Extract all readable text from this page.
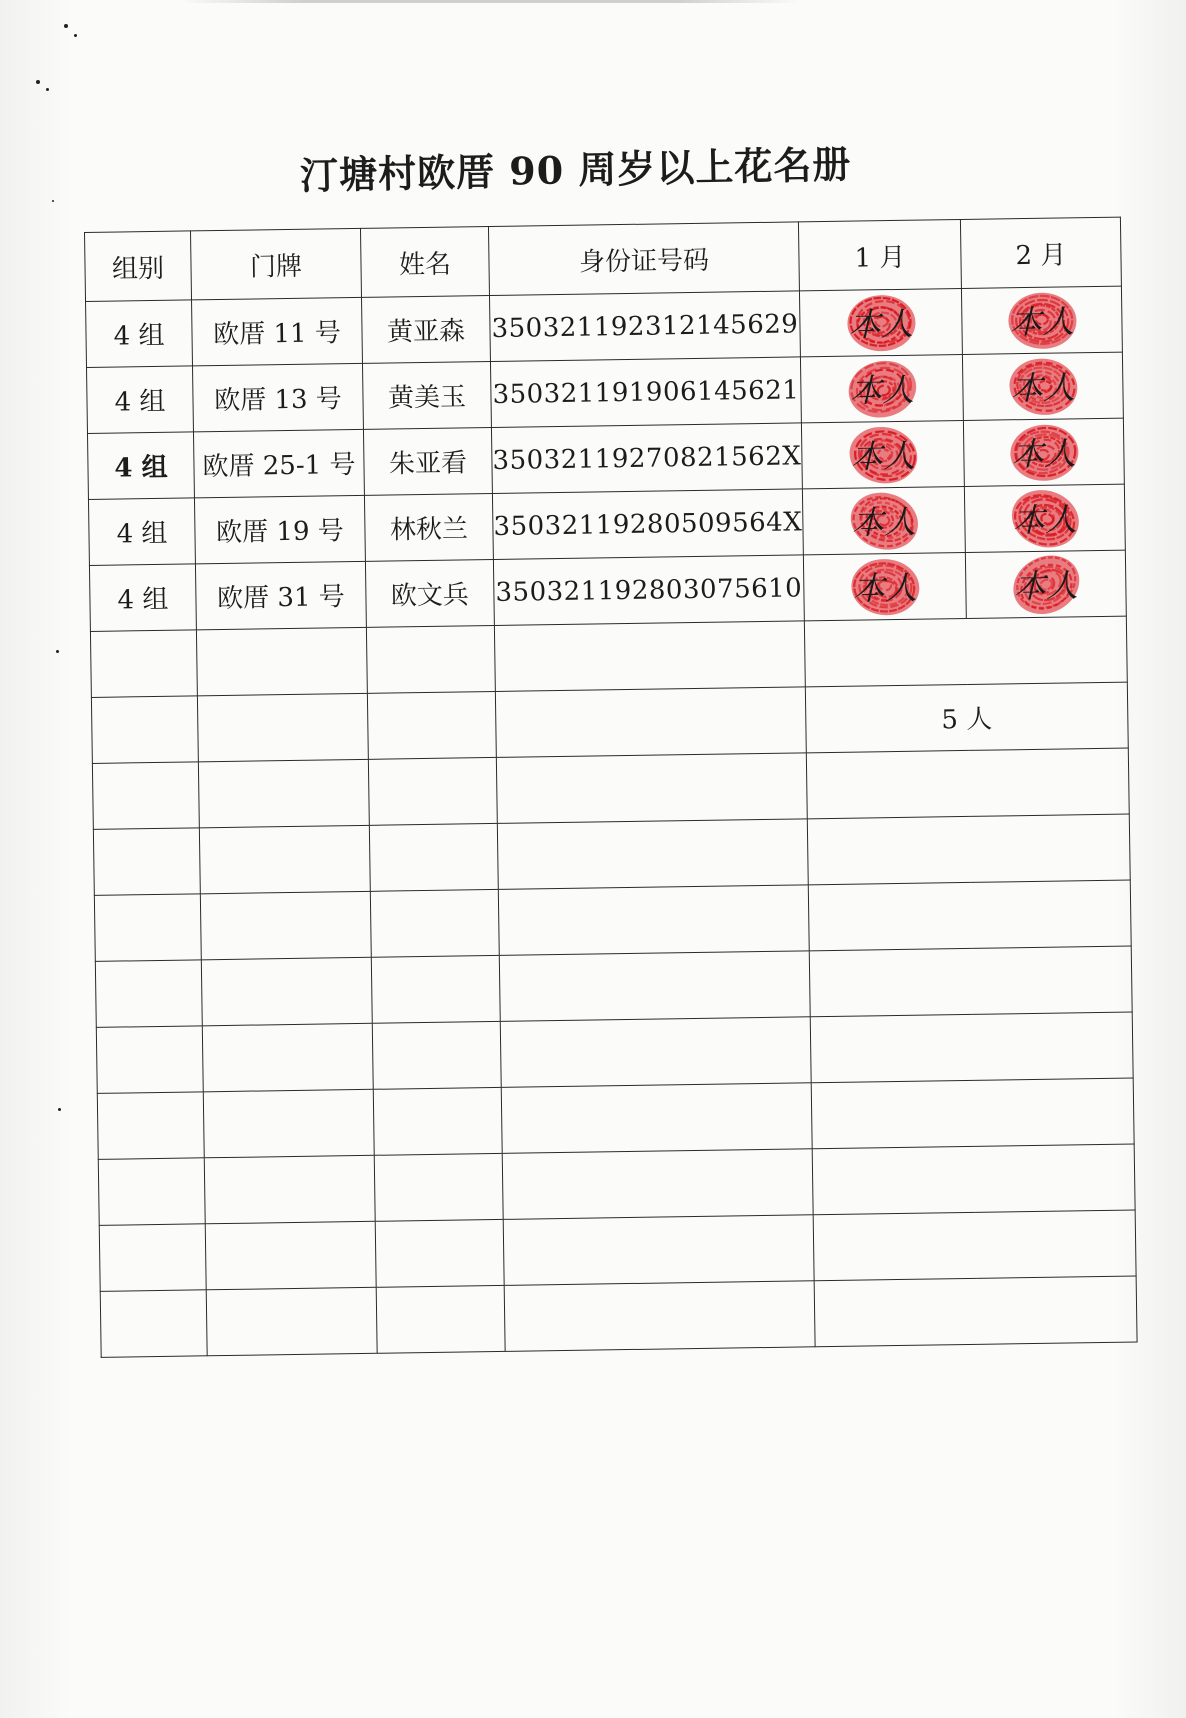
汀塘村欧厝 90 周岁以上花名册
组别	门牌	姓名	身份证号码	1 月	2 月
4 组	欧厝 11 号	黄亚森	350321192312145629	本人	本人

4 组	欧厝 13 号	黄美玉	350321191906145621	本人	本人

4 组	欧厝 25-1 号	朱亚看	35032119270821562X	本人	本人

4 组	欧厝 19 号	林秋兰	35032119280509564X	本人	本人

4 组	欧厝 31 号	欧文兵	350321192803075610	本人	本人

				5 人	
